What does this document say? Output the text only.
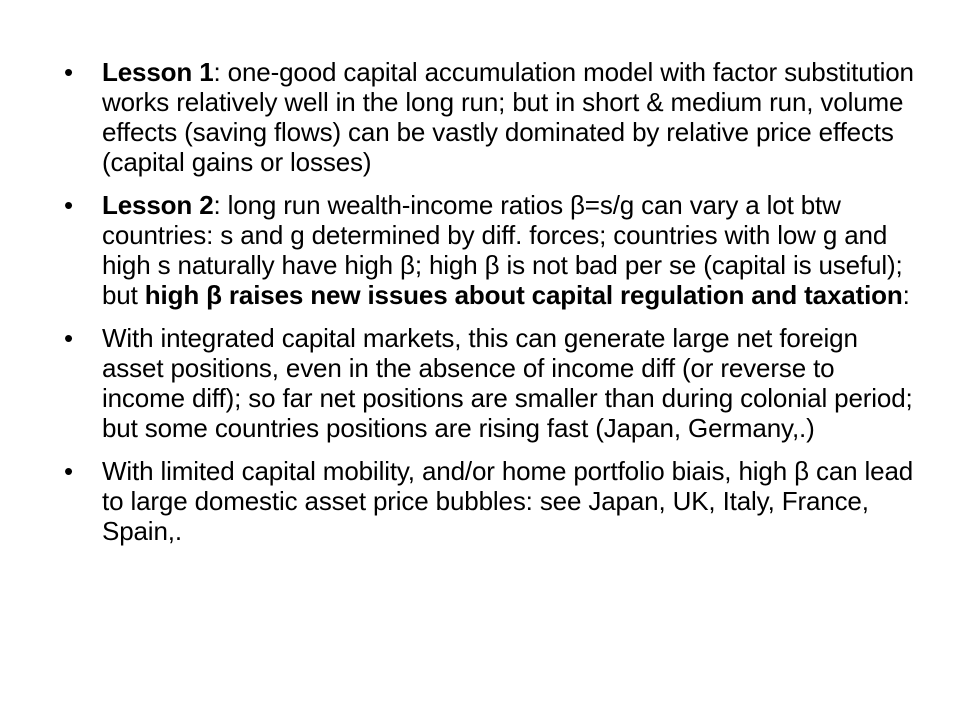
•	Lesson 1: one-good capital accumulation model with factor substitution works relatively well in the long run; but in short & medium run, volume effects (saving flows) can be vastly dominated by relative price effects (capital gains or losses)
•	Lesson 2: long run wealth-income ratios β=s/g can vary a lot btw countries: s and g determined by diff. forces; countries with low g and high s naturally have high β; high β is not bad per se (capital is useful); but high β raises new issues about capital regulation and taxation:
•	With integrated capital markets, this can generate large net foreign asset positions, even in the absence of income diff (or reverse to income diff); so far net positions are smaller than during colonial period; but some countries positions are rising fast (Japan, Germany,.)
•	With limited capital mobility, and/or home portfolio biais, high β can lead to large domestic asset price bubbles: see Japan, UK, Italy, France, Spain,.
